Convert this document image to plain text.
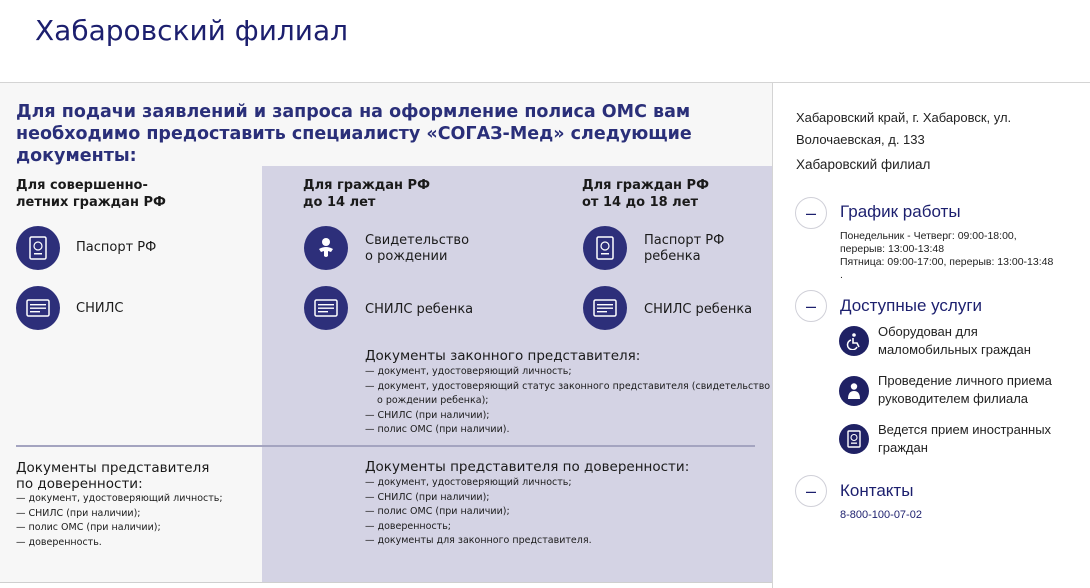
Хабаровский филиал
Для подачи заявлений и запроса на оформление полиса ОМС вам необходимо предоставить специалисту «СОГАЗ-Мед» следующие документы:
Для совершенно-
летних граждан РФ
Паспорт РФ
СНИЛС
Для граждан РФ
до 14 лет
Свидетельство
о рождении
СНИЛС ребенка
Для граждан РФ
от 14 до 18 лет
Паспорт РФ
ребенка
СНИЛС ребенка
Документы законного представителя:
— документ, удостоверяющий личность;
— документ, удостоверяющий статус законного представителя (свидетельство
о рождении ребенка);
— СНИЛС (при наличии);
— полис ОМС (при наличии).
Документы представителя
по доверенности:
— документ, удостоверяющий личность;
— СНИЛС (при наличии);
— полис ОМС (при наличии);
— доверенность.
Документы представителя по доверенности:
— документ, удостоверяющий личность;
— СНИЛС (при наличии);
— полис ОМС (при наличии);
— доверенность;
— документы для законного представителя.
Хабаровский край, г. Хабаровск, ул. Волочаевская, д. 133
Хабаровский филиал
–	График работы
Понедельник - Четверг: 09:00-18:00,
перерыв: 13:00-13:48
Пятница: 09:00-17:00, перерыв: 13:00-13:48
.
–	Доступные услуги
Оборудован для маломобильных граждан
Проведение личного приема руководителем филиала
Ведется прием иностранных граждан
–	Контакты
8-800-100-07-02
